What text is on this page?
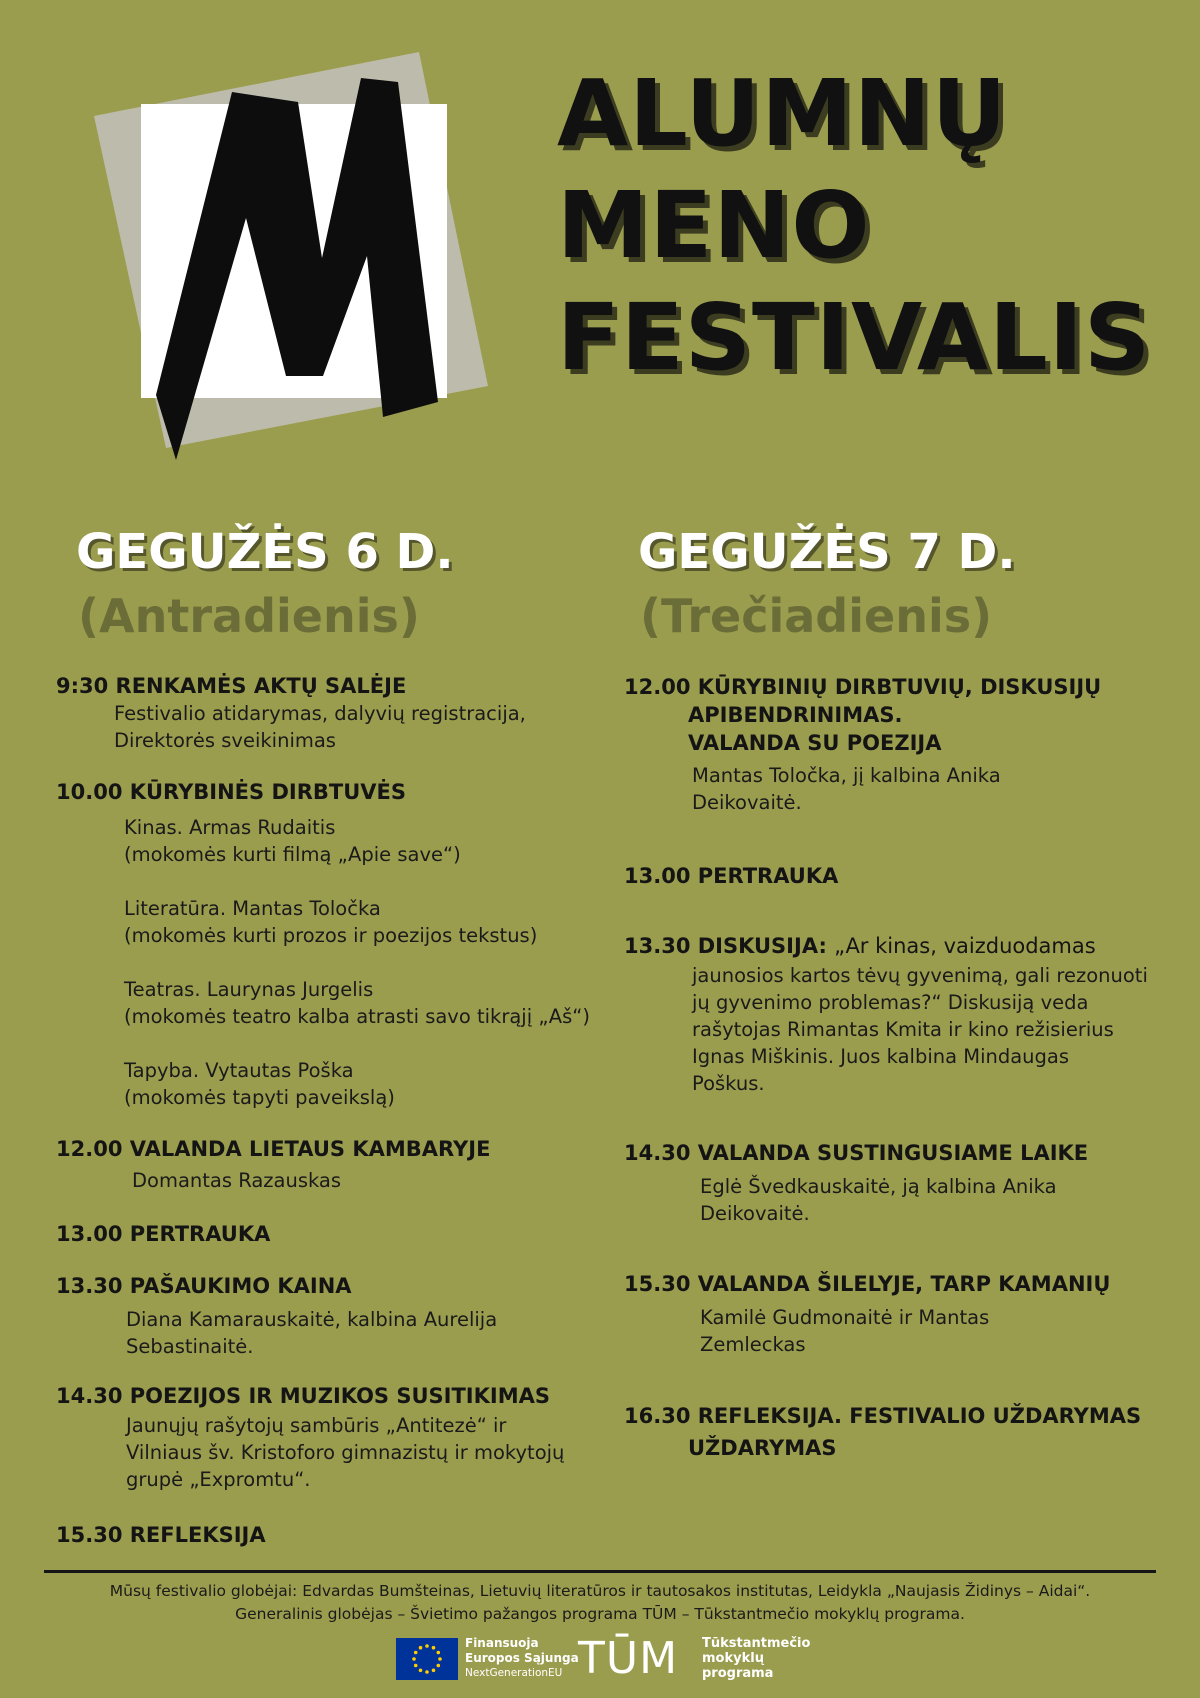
ALUMNŲ
MENO
FESTIVALIS
GEGUŽĖS 6 D.
(Antradienis)
GEGUŽĖS 7 D.
(Trečiadienis)
9:30 RENKAMĖS AKTŲ SALĖJE
Festivalio atidarymas, dalyvių registracija,
Direktorės sveikinimas
10.00 KŪRYBINĖS DIRBTUVĖS
Kinas. Armas Rudaitis
(mokomės kurti filmą „Apie save“)
Literatūra. Mantas Toločka
(mokomės kurti prozos ir poezijos tekstus)
Teatras. Laurynas Jurgelis
(mokomės teatro kalba atrasti savo tikrąjį „Aš“)
Tapyba. Vytautas Poška
(mokomės tapyti paveikslą)
12.00 VALANDA LIETAUS KAMBARYJE
Domantas Razauskas
13.00 PERTRAUKA
13.30 PAŠAUKIMO KAINA
Diana Kamarauskaitė, kalbina Aurelija
Sebastinaitė.
14.30 POEZIJOS IR MUZIKOS SUSITIKIMAS
Jaunųjų rašytojų sambūris „Antitezė“ ir
Vilniaus šv. Kristoforo gimnazistų ir mokytojų
grupė „Expromtu“.
15.30 REFLEKSIJA
12.00 KŪRYBINIŲ DIRBTUVIŲ, DISKUSIJŲ
APIBENDRINIMAS.
VALANDA SU POEZIJA
Mantas Toločka, jį kalbina Anika
Deikovaitė.
13.00 PERTRAUKA
13.30 DISKUSIJA: „Ar kinas, vaizduodamas
jaunosios kartos tėvų gyvenimą, gali rezonuoti
jų gyvenimo problemas?“ Diskusiją veda
rašytojas Rimantas Kmita ir kino režisierius
Ignas Miškinis. Juos kalbina Mindaugas
Poškus.
14.30 VALANDA SUSTINGUSIAME LAIKE
Eglė Švedkauskaitė, ją kalbina Anika
Deikovaitė.
15.30 VALANDA ŠILELYJE, TARP KAMANIŲ
Kamilė Gudmonaitė ir Mantas
Zemleckas
16.30 REFLEKSIJA. FESTIVALIO UŽDARYMAS
UŽDARYMAS
Mūsų festivalio globėjai: Edvardas Bumšteinas, Lietuvių literatūros ir tautosakos institutas, Leidykla „Naujasis Židinys – Aidai“.
Generalinis globėjas – Švietimo pažangos programa TŪM – Tūkstantmečio mokyklų programa.
Finansuoja
Europos Sąjunga
NextGenerationEU TŪM Tūkstantmečio
mokyklų
programa
